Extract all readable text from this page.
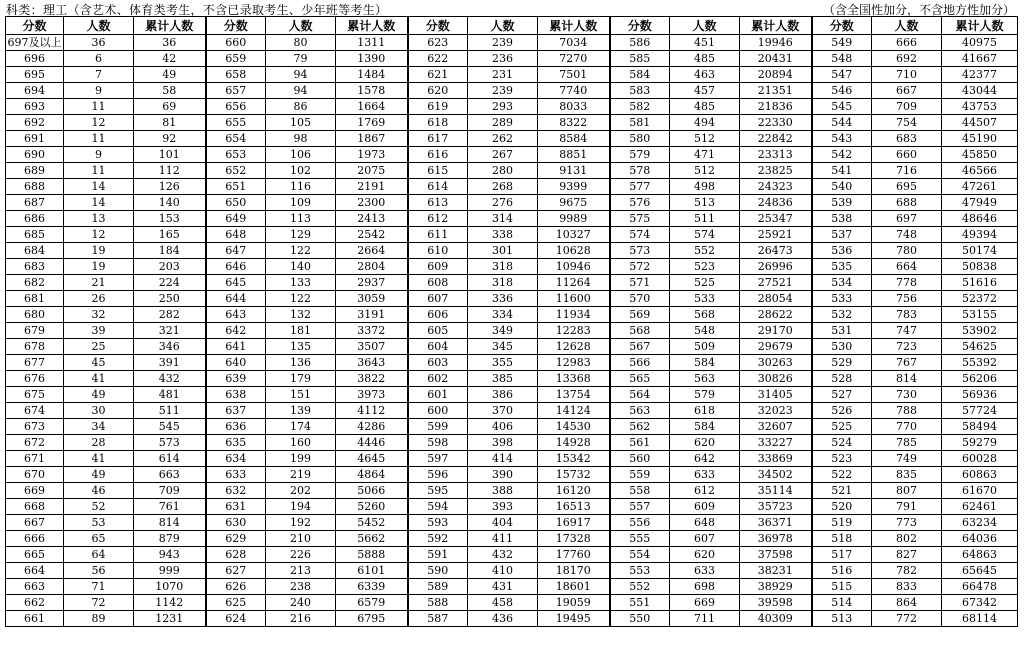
科类：理工（含艺术、体育类考生，不含已录取考生、少年班等考生）	（含全国性加分，不含地方性加分）
分数	人数	累计人数	分数	人数	累计人数	分数	人数	累计人数	分数	人数	累计人数	分数	人数	累计人数
697及以上	36	36	660	80	1311	623	239	7034	586	451	19946	549	666	40975
696	6	42	659	79	1390	622	236	7270	585	485	20431	548	692	41667
695	7	49	658	94	1484	621	231	7501	584	463	20894	547	710	42377
694	9	58	657	94	1578	620	239	7740	583	457	21351	546	667	43044
693	11	69	656	86	1664	619	293	8033	582	485	21836	545	709	43753
692	12	81	655	105	1769	618	289	8322	581	494	22330	544	754	44507
691	11	92	654	98	1867	617	262	8584	580	512	22842	543	683	45190
690	9	101	653	106	1973	616	267	8851	579	471	23313	542	660	45850
689	11	112	652	102	2075	615	280	9131	578	512	23825	541	716	46566
688	14	126	651	116	2191	614	268	9399	577	498	24323	540	695	47261
687	14	140	650	109	2300	613	276	9675	576	513	24836	539	688	47949
686	13	153	649	113	2413	612	314	9989	575	511	25347	538	697	48646
685	12	165	648	129	2542	611	338	10327	574	574	25921	537	748	49394
684	19	184	647	122	2664	610	301	10628	573	552	26473	536	780	50174
683	19	203	646	140	2804	609	318	10946	572	523	26996	535	664	50838
682	21	224	645	133	2937	608	318	11264	571	525	27521	534	778	51616
681	26	250	644	122	3059	607	336	11600	570	533	28054	533	756	52372
680	32	282	643	132	3191	606	334	11934	569	568	28622	532	783	53155
679	39	321	642	181	3372	605	349	12283	568	548	29170	531	747	53902
678	25	346	641	135	3507	604	345	12628	567	509	29679	530	723	54625
677	45	391	640	136	3643	603	355	12983	566	584	30263	529	767	55392
676	41	432	639	179	3822	602	385	13368	565	563	30826	528	814	56206
675	49	481	638	151	3973	601	386	13754	564	579	31405	527	730	56936
674	30	511	637	139	4112	600	370	14124	563	618	32023	526	788	57724
673	34	545	636	174	4286	599	406	14530	562	584	32607	525	770	58494
672	28	573	635	160	4446	598	398	14928	561	620	33227	524	785	59279
671	41	614	634	199	4645	597	414	15342	560	642	33869	523	749	60028
670	49	663	633	219	4864	596	390	15732	559	633	34502	522	835	60863
669	46	709	632	202	5066	595	388	16120	558	612	35114	521	807	61670
668	52	761	631	194	5260	594	393	16513	557	609	35723	520	791	62461
667	53	814	630	192	5452	593	404	16917	556	648	36371	519	773	63234
666	65	879	629	210	5662	592	411	17328	555	607	36978	518	802	64036
665	64	943	628	226	5888	591	432	17760	554	620	37598	517	827	64863
664	56	999	627	213	6101	590	410	18170	553	633	38231	516	782	65645
663	71	1070	626	238	6339	589	431	18601	552	698	38929	515	833	66478
662	72	1142	625	240	6579	588	458	19059	551	669	39598	514	864	67342
661	89	1231	624	216	6795	587	436	19495	550	711	40309	513	772	68114
